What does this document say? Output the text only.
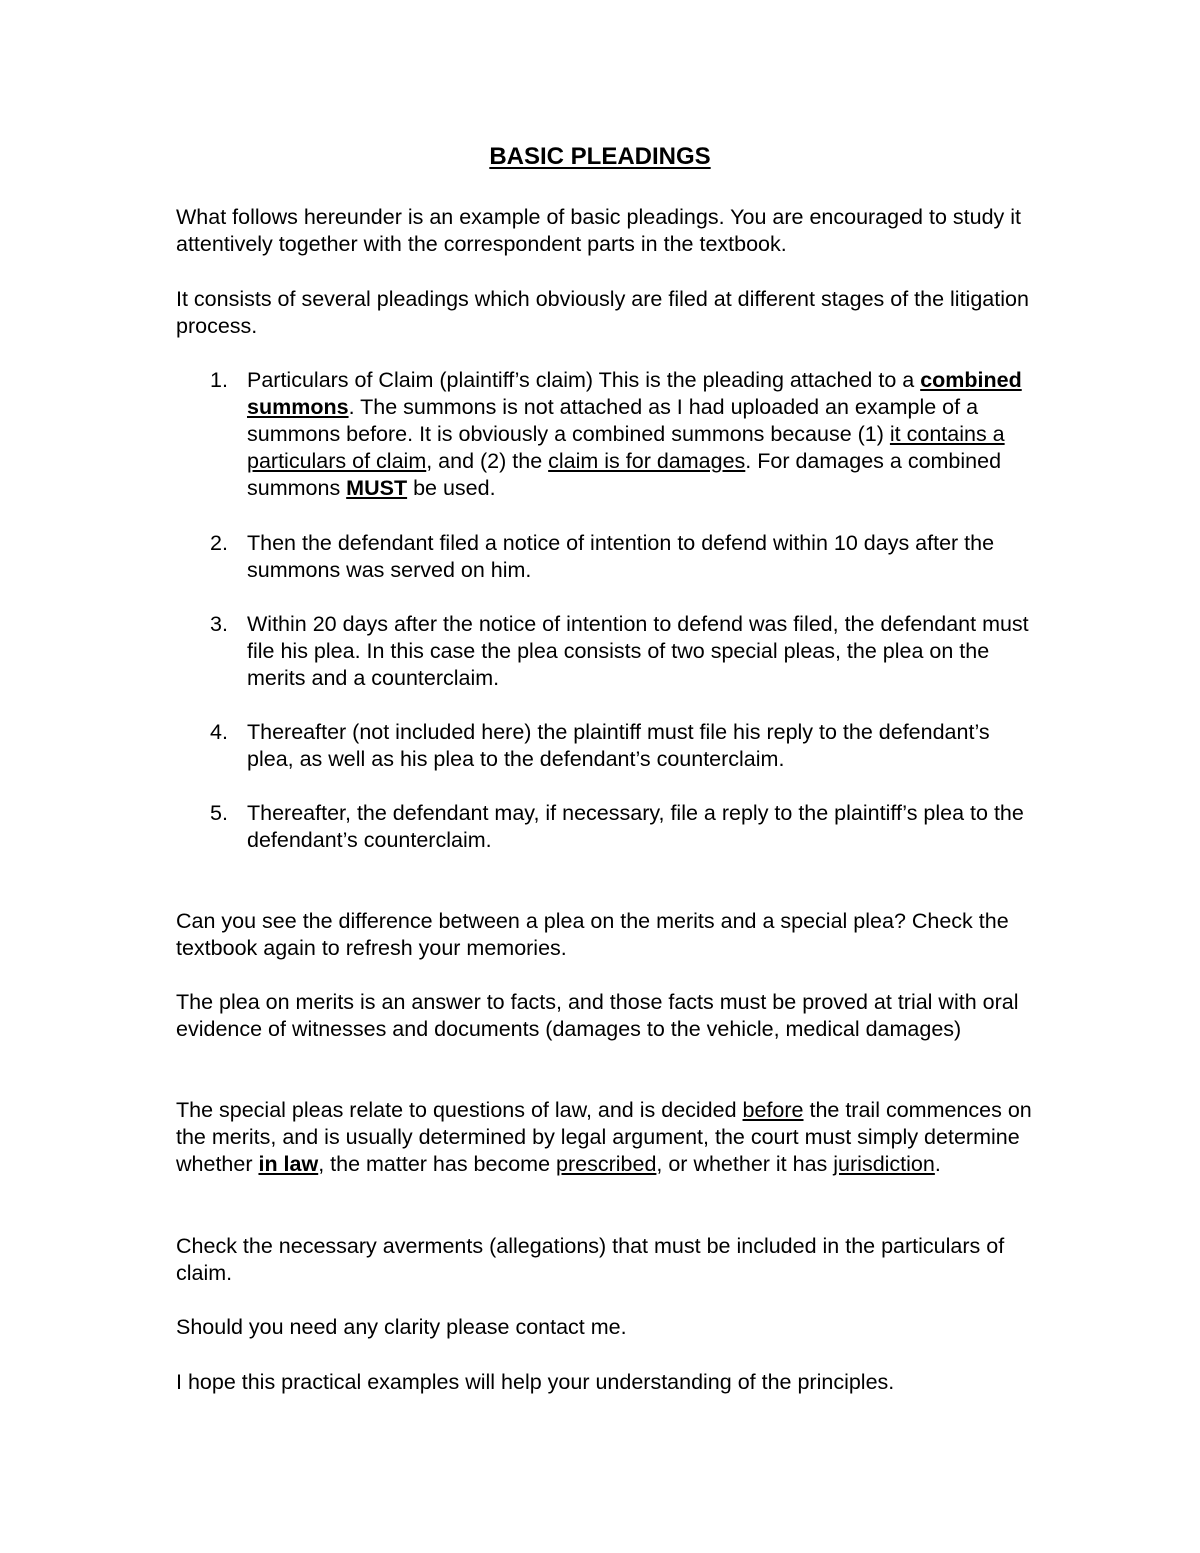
BASIC PLEADINGS

What follows hereunder is an example of basic pleadings. You are encouraged to study it attentively together with the correspondent parts in the textbook.

It consists of several pleadings which obviously are filed at different stages of the litigation process.

1. Particulars of Claim (plaintiff’s claim) This is the pleading attached to a combined summons. The summons is not attached as I had uploaded an example of a summons before. It is obviously a combined summons because (1) it contains a particulars of claim, and (2) the claim is for damages. For damages a combined summons MUST be used.
2. Then the defendant filed a notice of intention to defend within 10 days after the summons was served on him.
3. Within 20 days after the notice of intention to defend was filed, the defendant must file his plea. In this case the plea consists of two special pleas, the plea on the merits and a counterclaim.
4. Thereafter (not included here) the plaintiff must file his reply to the defendant’s plea, as well as his plea to the defendant’s counterclaim.
5. Thereafter, the defendant may, if necessary, file a reply to the plaintiff’s plea to the defendant’s counterclaim.

Can you see the difference between a plea on the merits and a special plea? Check the textbook again to refresh your memories.

The plea on merits is an answer to facts, and those facts must be proved at trial with oral evidence of witnesses and documents (damages to the vehicle, medical damages)

The special pleas relate to questions of law, and is decided before the trail commences on the merits, and is usually determined by legal argument, the court must simply determine whether in law, the matter has become prescribed, or whether it has jurisdiction.

Check the necessary averments (allegations) that must be included in the particulars of claim.

Should you need any clarity please contact me.

I hope this practical examples will help your understanding of the principles.
